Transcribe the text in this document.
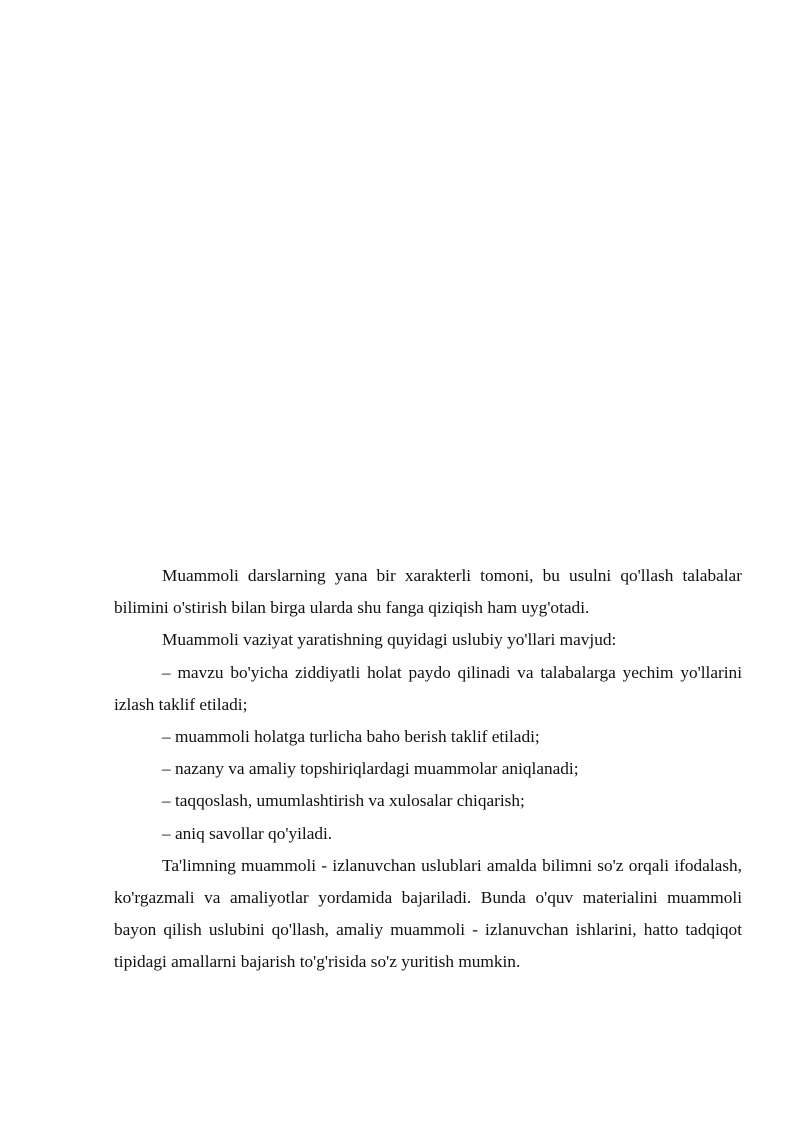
Muammoli darslarning yana bir xarakterli tomoni, bu usulni qo'llash talabalar bilimini o'stirish bilan birga ularda shu fanga qiziqish ham uyg'otadi.

Muammoli vaziyat yaratishning quyidagi uslubiy yo'llari mavjud:

– mavzu bo'yicha ziddiyatli holat paydo qilinadi va talabalarga yechim yo'llarini izlash taklif etiladi;

– muammoli holatga turlicha baho berish taklif etiladi;

– nazany va amaliy topshiriqlardagi muammolar aniqlanadi;

– taqqoslash, umumlashtirish va xulosalar chiqarish;

– aniq savollar qo'yiladi.

Ta'limning muammoli - izlanuvchan uslublari amalda bilimni so'z orqali ifodalash, ko'rgazmali va amaliyotlar yordamida bajariladi. Bunda o'quv materialini muammoli bayon qilish uslubini qo'llash, amaliy muammoli - izlanuvchan ishlarini, hatto tadqiqot tipidagi amallarni bajarish to'g'risida so'z yuritish mumkin.
